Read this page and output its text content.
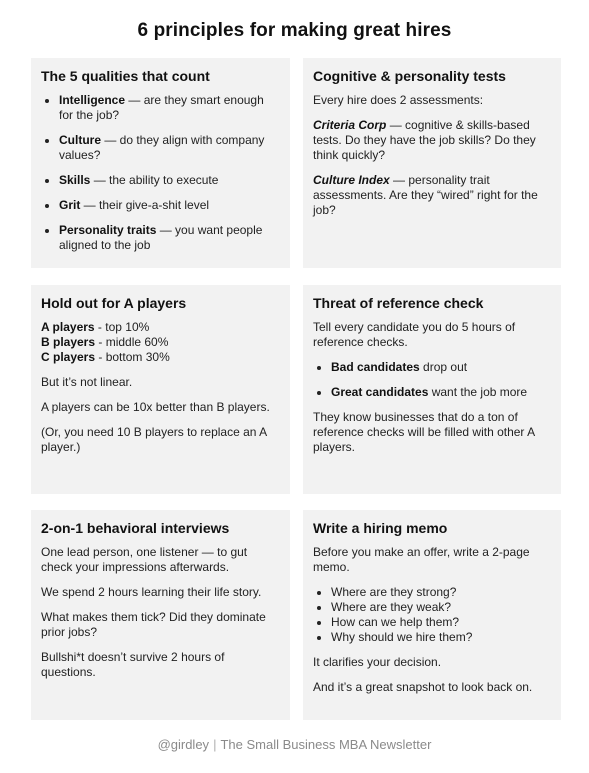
6 principles for making great hires
The 5 qualities that count
• Intelligence — are they smart enough for the job?
• Culture — do they align with company values?
• Skills — the ability to execute
• Grit — their give-a-shit level
• Personality traits — you want people aligned to the job
Cognitive & personality tests

Every hire does 2 assessments:

Criteria Corp — cognitive & skills-based tests. Do they have the job skills? Do they think quickly?

Culture Index — personality trait assessments. Are they “wired” right for the job?

Hold out for A players

A players - top 10%
B players - middle 60%
C players - bottom 30%

But it’s not linear.

A players can be 10x better than B players.

(Or, you need 10 B players to replace an A player.)

Threat of reference check

Tell every candidate you do 5 hours of reference checks.

• Bad candidates drop out
• Great candidates want the job more

They know businesses that do a ton of reference checks will be filled with other A players.

2-on-1 behavioral interviews

One lead person, one listener — to gut check your impressions afterwards.

We spend 2 hours learning their life story.

What makes them tick? Did they dominate prior jobs?

Bullshi*t doesn’t survive 2 hours of questions.

Write a hiring memo

Before you make an offer, write a 2-page memo.

• Where are they strong?
• Where are they weak?
• How can we help them?
• Why should we hire them?

It clarifies your decision.

And it’s a great snapshot to look back on.

@girdley | The Small Business MBA Newsletter
